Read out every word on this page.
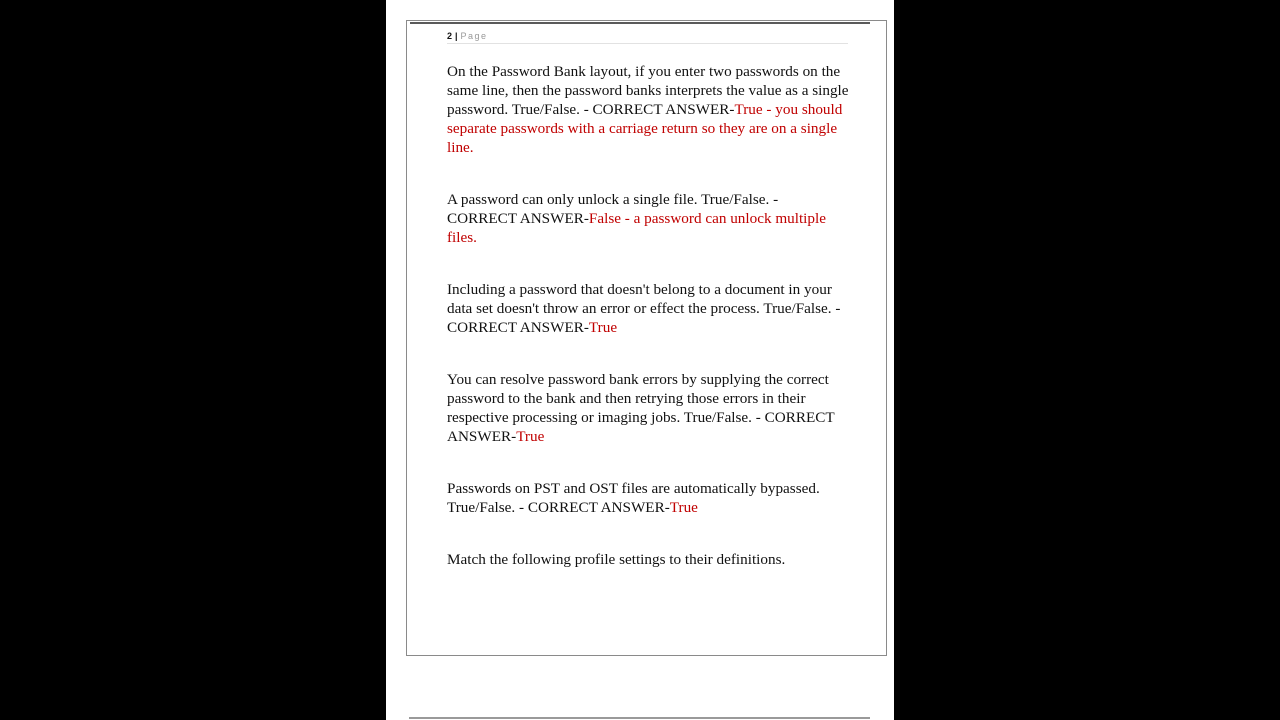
2 | Page

On the Password Bank layout, if you enter two passwords on the same line, then the password banks interprets the value as a single password. True/False. - CORRECT ANSWER-True - you should separate passwords with a carriage return so they are on a single line.

A password can only unlock a single file. True/False. - CORRECT ANSWER-False - a password can unlock multiple files.

Including a password that doesn't belong to a document in your data set doesn't throw an error or effect the process. True/False. - CORRECT ANSWER-True

You can resolve password bank errors by supplying the correct password to the bank and then retrying those errors in their respective processing or imaging jobs. True/False. - CORRECT ANSWER-True

Passwords on PST and OST files are automatically bypassed. True/False. - CORRECT ANSWER-True

Match the following profile settings to their definitions.
